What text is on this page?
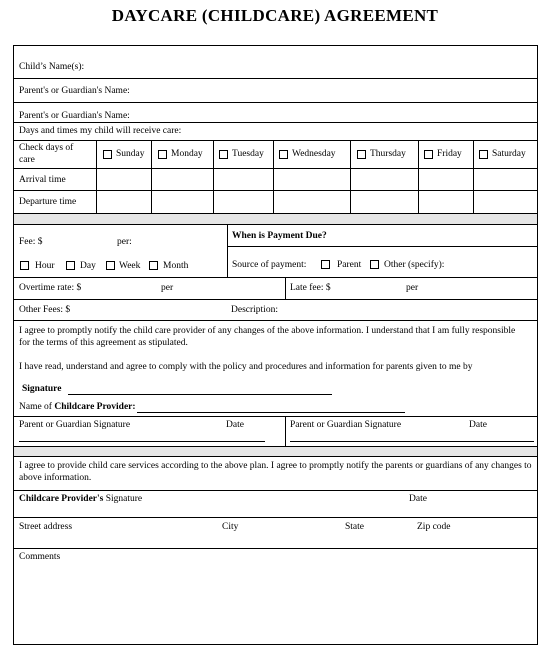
DAYCARE (CHILDCARE) AGREEMENT
Child’s Name(s):
Parent's or Guardian's Name:
Parent's or Guardian's Name:
Days and times my child will receive care:
Check days of
care
Sunday	Monday	Tuesday	Wednesday	Thursday	Friday	Saturday
Arrival time
Departure time
Fee: $	per:
When is Payment Due?
Hour	Day Week Month	Source of payment:	Parent Other (specify):
Overtime rate: $	per	Late fee: $	per
Other Fees: $	Description:
I agree to promptly notify the child care provider of any changes of the above information. I understand that I am fully responsible for the terms of this agreement as stipulated.
I have read, understand and agree to comply with the policy and procedures and information for parents given to me by
Signature
Name of Childcare Provider:
Parent or Guardian Signature	Date	Parent or Guardian Signature	Date
I agree to provide child care services according to the above plan. I agree to promptly notify the parents or guardians of any changes to above information.
Childcare Provider's Signature	Date
Street address	City	State	Zip code
Comments
